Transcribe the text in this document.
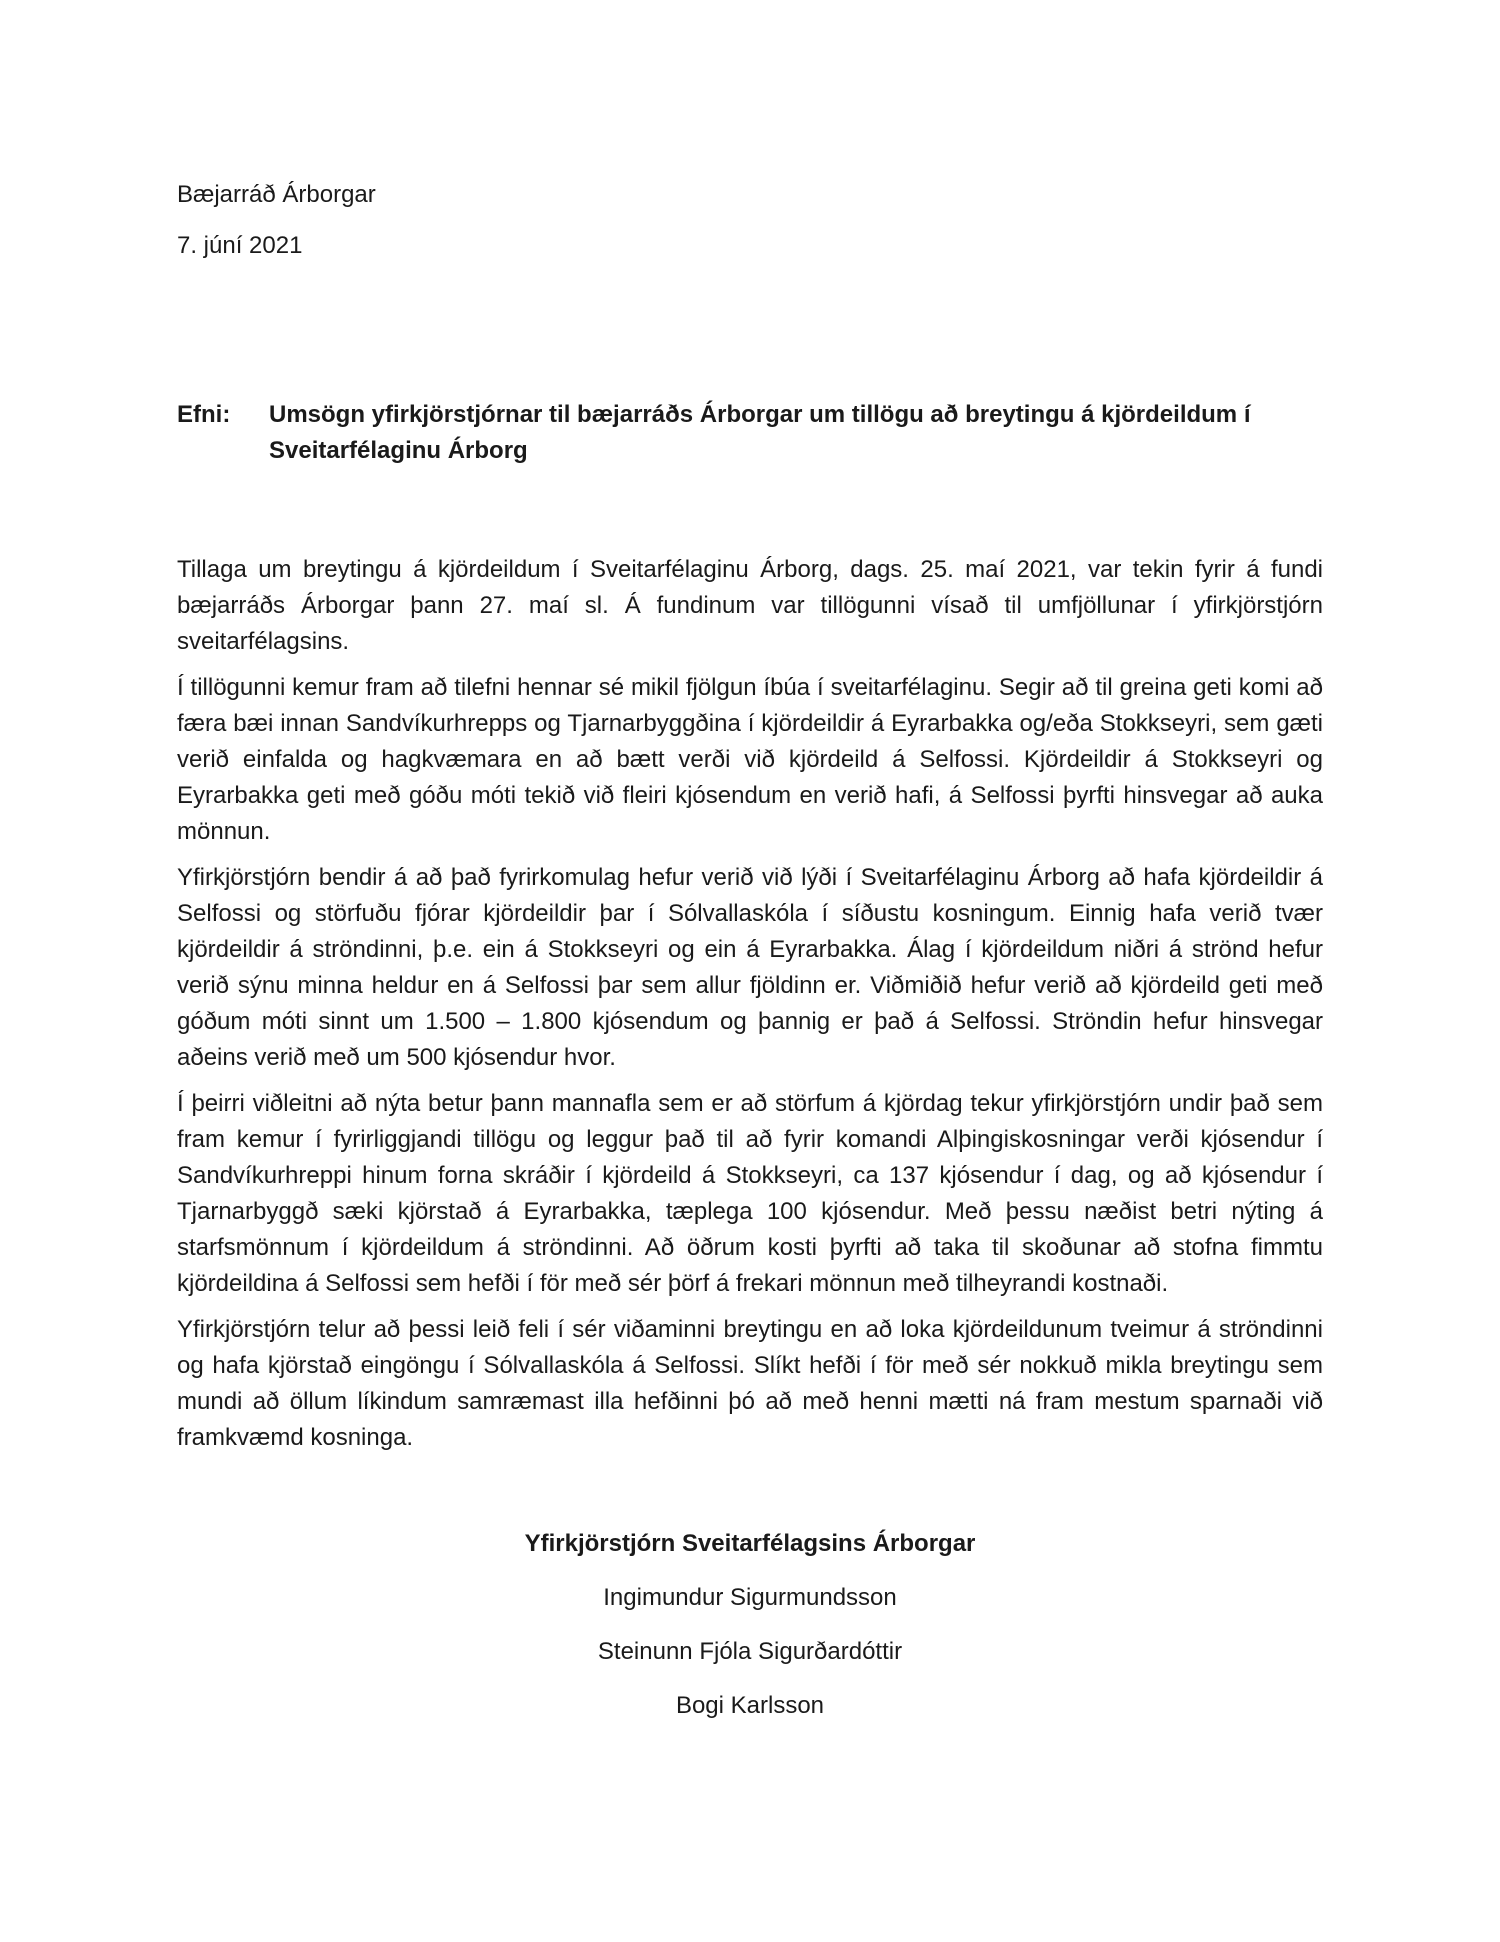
Bæjarráð Árborgar
7. júní 2021
Efni:	Umsögn yfirkjörstjórnar til bæjarráðs Árborgar um tillögu að breytingu á kjördeildum í Sveitarfélaginu Árborg

Tillaga um breytingu á kjördeildum í Sveitarfélaginu Árborg, dags. 25. maí 2021, var tekin fyrir á fundi bæjarráðs Árborgar þann 27. maí sl. Á fundinum var tillögunni vísað til umfjöllunar í yfirkjörstjórn sveitarfélagsins.

Í tillögunni kemur fram að tilefni hennar sé mikil fjölgun íbúa í sveitarfélaginu. Segir að til greina geti komi að færa bæi innan Sandvíkurhrepps og Tjarnarbyggðina í kjördeildir á Eyrarbakka og/eða Stokkseyri, sem gæti verið einfalda og hagkvæmara en að bætt verði við kjördeild á Selfossi. Kjördeildir á Stokkseyri og Eyrarbakka geti með góðu móti tekið við fleiri kjósendum en verið hafi, á Selfossi þyrfti hinsvegar að auka mönnun.

Yfirkjörstjórn bendir á að það fyrirkomulag hefur verið við lýði í Sveitarfélaginu Árborg að hafa kjördeildir á Selfossi og störfuðu fjórar kjördeildir þar í Sólvallaskóla í síðustu kosningum. Einnig hafa verið tvær kjördeildir á ströndinni, þ.e. ein á Stokkseyri og ein á Eyrarbakka. Álag í kjördeildum niðri á strönd hefur verið sýnu minna heldur en á Selfossi þar sem allur fjöldinn er. Viðmiðið hefur verið að kjördeild geti með góðum móti sinnt um 1.500 – 1.800 kjósendum og þannig er það á Selfossi. Ströndin hefur hinsvegar aðeins verið með um 500 kjósendur hvor.

Í þeirri viðleitni að nýta betur þann mannafla sem er að störfum á kjördag tekur yfirkjörstjórn undir það sem fram kemur í fyrirliggjandi tillögu og leggur það til að fyrir komandi Alþingiskosningar verði kjósendur í Sandvíkurhreppi hinum forna skráðir í kjördeild á Stokkseyri, ca 137 kjósendur í dag, og að kjósendur í Tjarnarbyggð sæki kjörstað á Eyrarbakka, tæplega 100 kjósendur. Með þessu næðist betri nýting á starfsmönnum í kjördeildum á ströndinni. Að öðrum kosti þyrfti að taka til skoðunar að stofna fimmtu kjördeildina á Selfossi sem hefði í för með sér þörf á frekari mönnun með tilheyrandi kostnaði.

Yfirkjörstjórn telur að þessi leið feli í sér viðaminni breytingu en að loka kjördeildunum tveimur á ströndinni og hafa kjörstað eingöngu í Sólvallaskóla á Selfossi. Slíkt hefði í för með sér nokkuð mikla breytingu sem mundi að öllum líkindum samræmast illa hefðinni þó að með henni mætti ná fram mestum sparnaði við framkvæmd kosninga.

Yfirkjörstjórn Sveitarfélagsins Árborgar
Ingimundur Sigurmundsson
Steinunn Fjóla Sigurðardóttir
Bogi Karlsson
